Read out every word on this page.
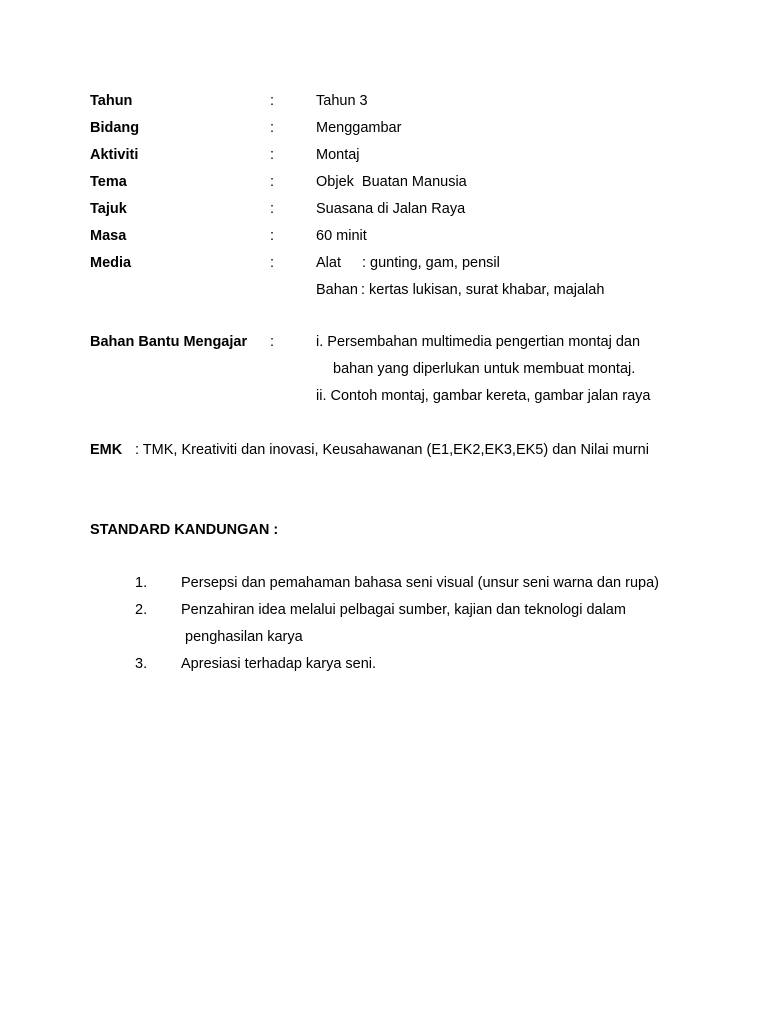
Tahun	:	Tahun 3
Bidang	:	Menggambar
Aktiviti	:	Montaj
Tema	:	Objek  Buatan Manusia
Tajuk	:	Suasana di Jalan Raya
Masa	:	60 minit
Media	:	Alat : gunting, gam, pensil
Bahan : kertas lukisan, surat khabar, majalah
Bahan Bantu Mengajar :	i. Persembahan multimedia pengertian montaj dan
bahan yang diperlukan untuk membuat montaj.
ii. Contoh montaj, gambar kereta, gambar jalan raya
EMK : TMK, Kreativiti dan inovasi, Keusahawanan (E1,EK2,EK3,EK5) dan Nilai murni
STANDARD KANDUNGAN :
1. Persepsi dan pemahaman bahasa seni visual (unsur seni warna dan rupa)
2. Penzahiran idea melalui pelbagai sumber, kajian dan teknologi dalam
penghasilan karya
3. Apresiasi terhadap karya seni.
